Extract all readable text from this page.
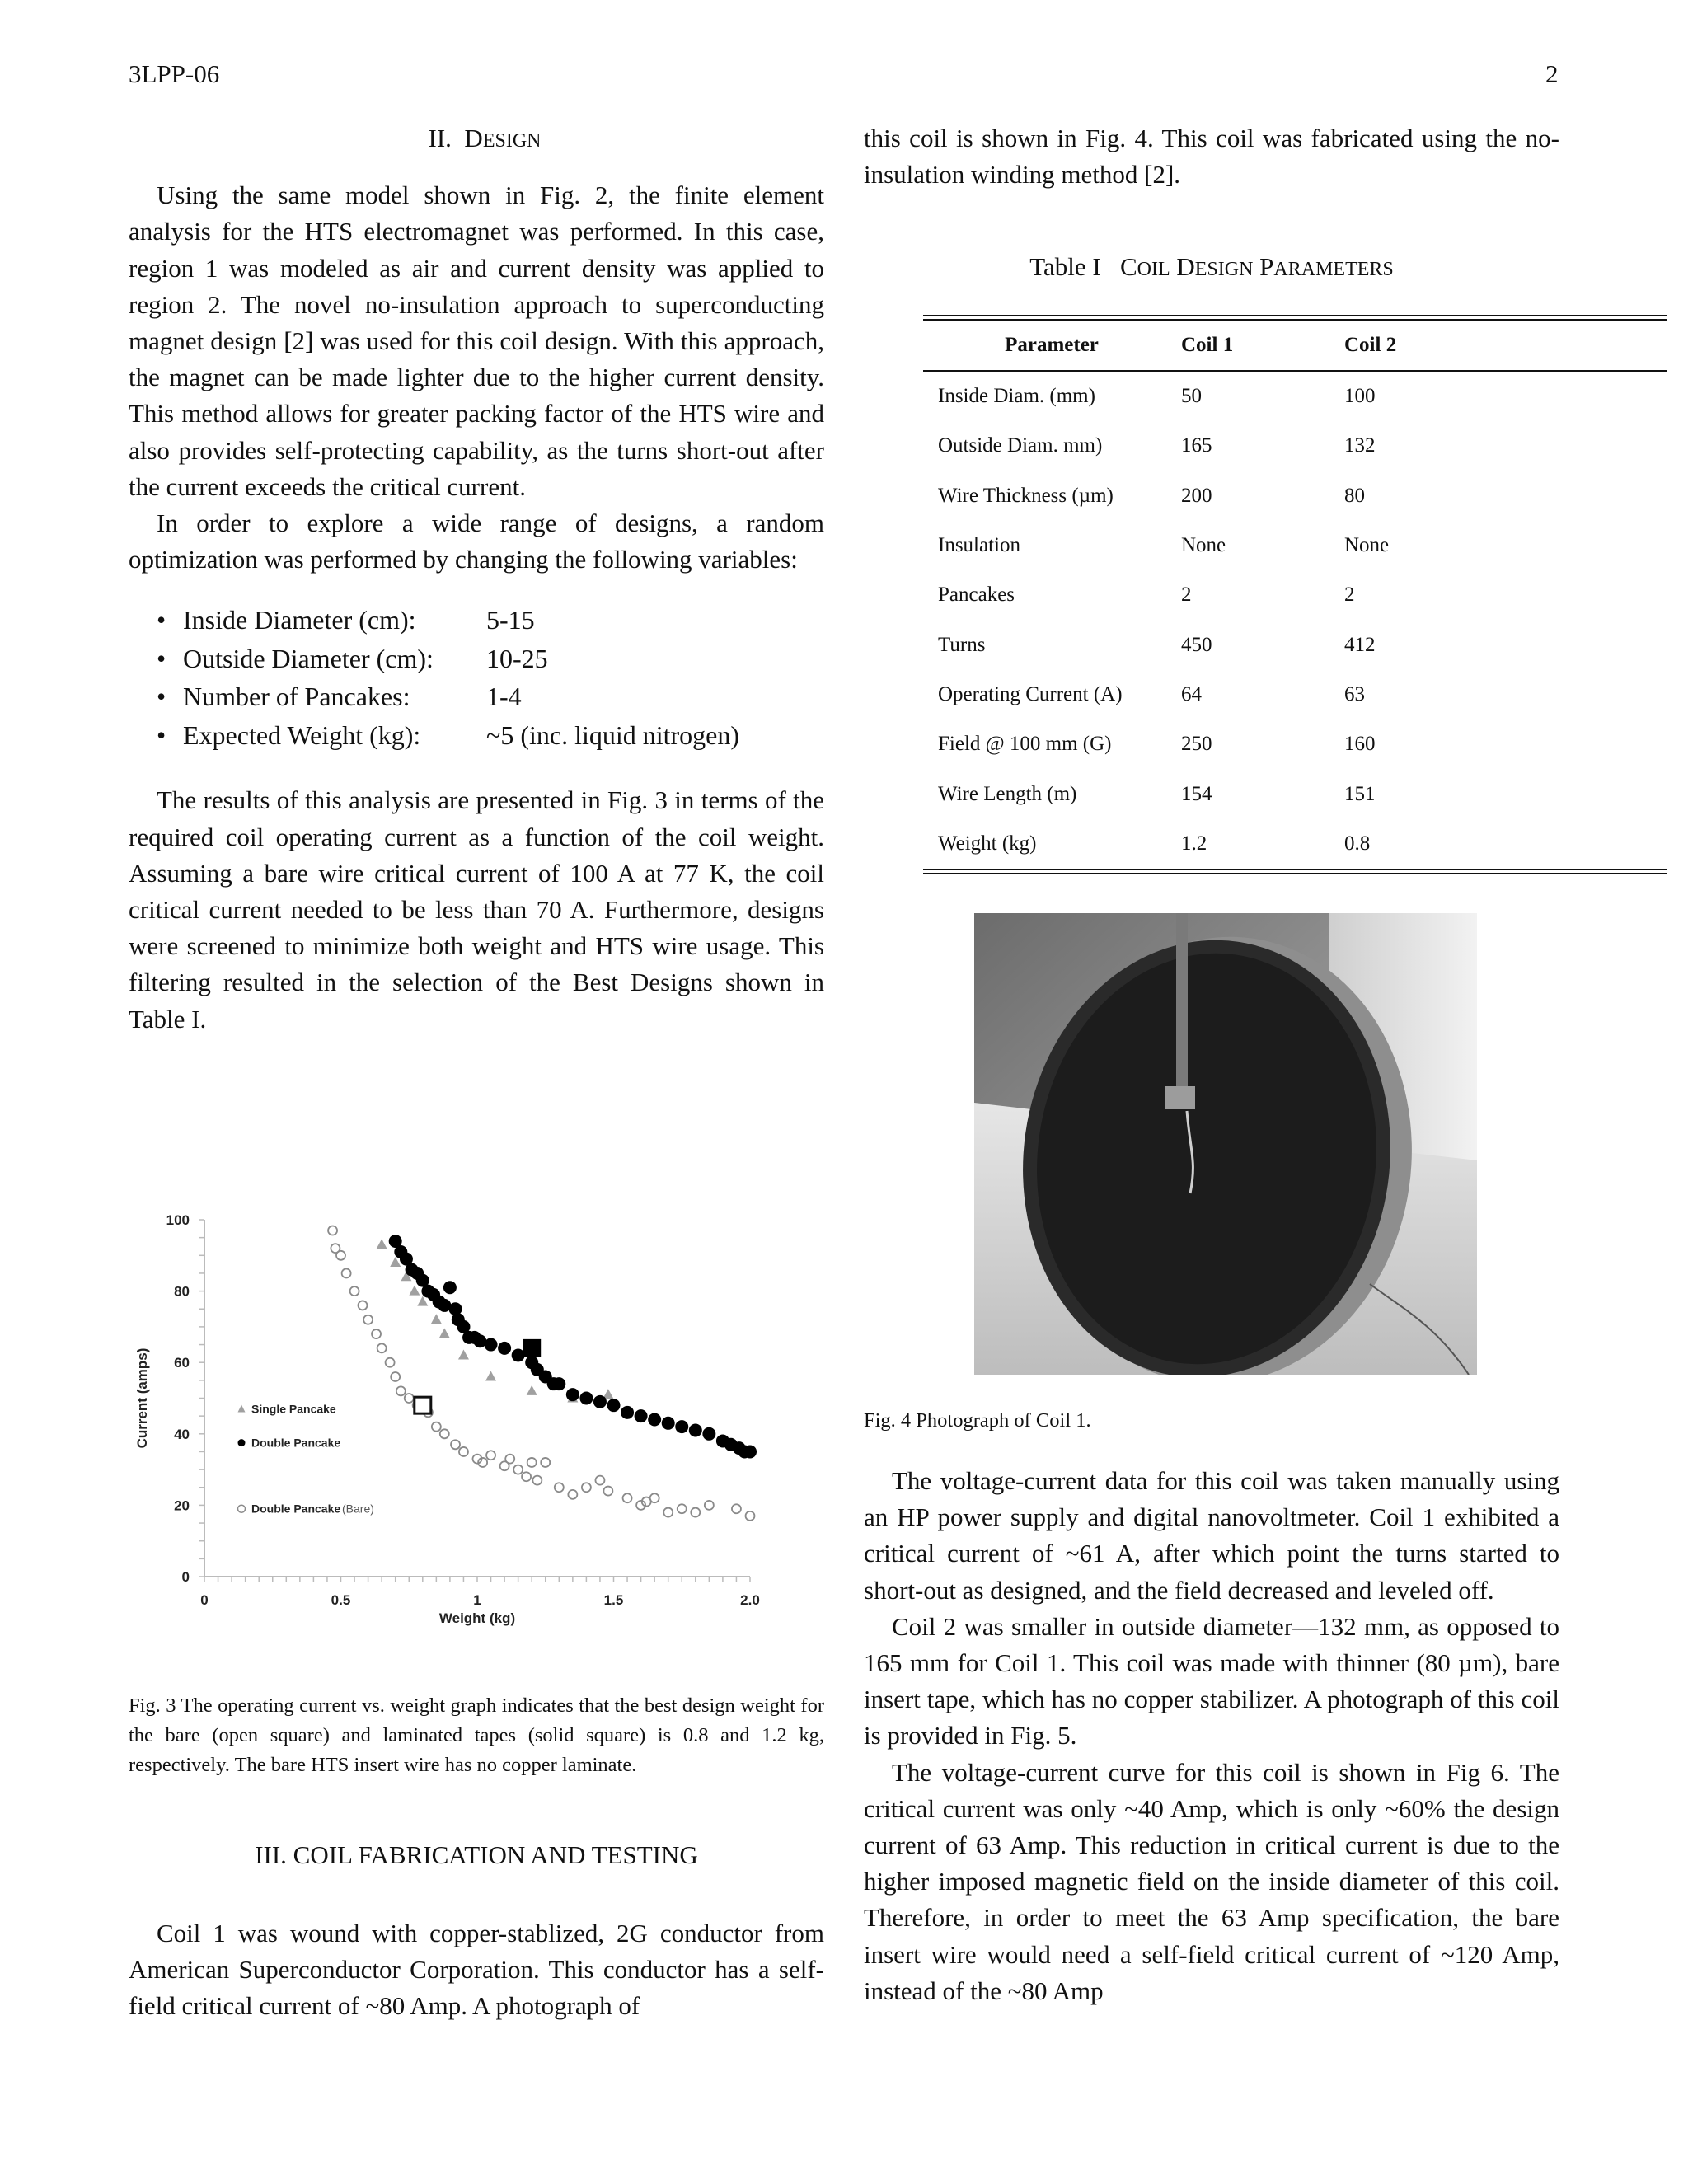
3LPP-06	2
II. DESIGN

Using the same model shown in Fig. 2, the finite element analysis for the HTS electromagnet was performed. In this case, region 1 was modeled as air and current density was applied to region 2. The novel no-insulation approach to superconducting magnet design [2] was used for this coil design. With this approach, the magnet can be made lighter due to the higher current density. This method allows for greater packing factor of the HTS wire and also provides self-protecting capability, as the turns short-out after the current exceeds the critical current.

In order to explore a wide range of designs, a random optimization was performed by changing the following variables:

• Inside Diameter (cm):	5-15
• Outside Diameter (cm): 10-25
• Number of Pancakes:	1-4
• Expected Weight (kg): ~5 (inc. liquid nitrogen)

The results of this analysis are presented in Fig. 3 in terms of the required coil operating current as a function of the coil weight. Assuming a bare wire critical current of 100 A at 77 K, the coil critical current needed to be less than 70 A. Furthermore, designs were screened to minimize both weight and HTS wire usage. This filtering resulted in the selection of the Best Designs shown in Table I.

0
20
40
60
80
100
0	0.5	1	1.5	2.0
Weight (kg)
Current (amps)	Single Pancake
Double Pancake
Double Pancake (Bare)
Fig. 3 The operating current vs. weight graph indicates that the best design weight for the bare (open square) and laminated tapes (solid square) is 0.8 and 1.2 kg, respectively. The bare HTS insert wire has no copper laminate.
III. COIL FABRICATION AND TESTING

Coil 1 was wound with copper-stablized, 2G conductor from American Superconductor Corporation. This conductor has a self-field critical current of ~80 Amp. A photograph of

this coil is shown in Fig. 4. This coil was fabricated using the no-insulation winding method [2].

Table I COIL DESIGN PARAMETERS
Parameter	Coil 1	Coil 2
Inside Diam. (mm)	50	100
Outside Diam. mm)	165	132
Wire Thickness (µm)	200	80
Insulation	None	None
Pancakes	2	2
Turns	450	412
Operating Current (A)	64	63
Field @ 100 mm (G)	250	160
Wire Length (m)	154	151
Weight (kg)	1.2	0.8
Fig. 4 Photograph of Coil 1.

The voltage-current data for this coil was taken manually using an HP power supply and digital nanovoltmeter. Coil 1 exhibited a critical current of ~61 A, after which point the turns started to short-out as designed, and the field decreased and leveled off.

Coil 2 was smaller in outside diameter—132 mm, as opposed to 165 mm for Coil 1. This coil was made with thinner (80 µm), bare insert tape, which has no copper stabilizer. A photograph of this coil is provided in Fig. 5.

The voltage-current curve for this coil is shown in Fig 6. The critical current was only ~40 Amp, which is only ~60% the design current of 63 Amp. This reduction in critical current is due to the higher imposed magnetic field on the inside diameter of this coil. Therefore, in order to meet the 63 Amp specification, the bare insert wire would need a self-field critical current of ~120 Amp, instead of the ~80 Amp
